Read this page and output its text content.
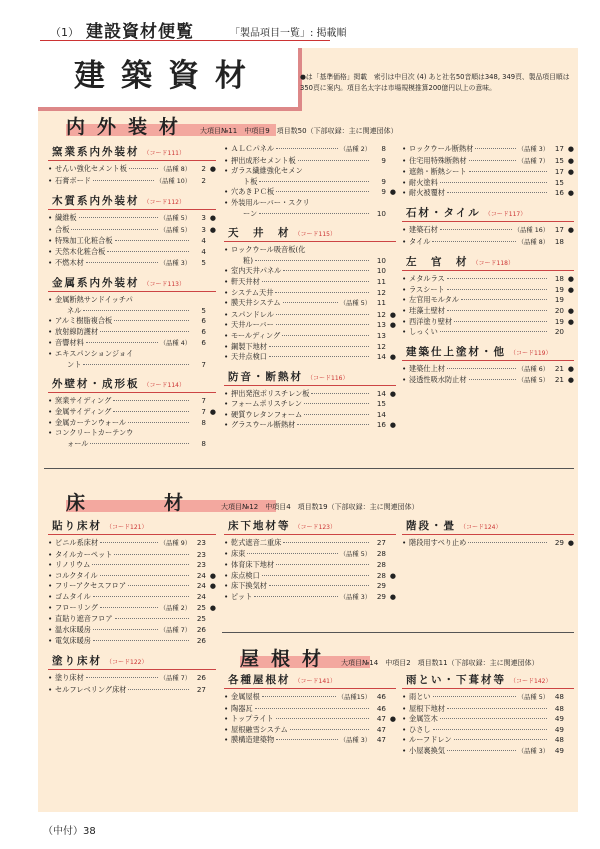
（1） 建設資材便覧	「製品項目一覧」: 掲載順
建築資材	●は「基準価格」掲載　索引は中目次 (4) あと社名50音順は348, 349頁、製品項目順は350頁に案内。項目名太字は市場規模推算200億円以上の意味。
内外装材	大項目№11　中項目9　項目数50（下部収録：主に関連団体）
床　材	大項目№12　中項目4　項目数19（下部収録：主に関連団体）
屋根材	大項目№14　中項目2　項目数11（下部収録：主に関連団体）
（中付）38
窯業系内外装材 （コード111）
• せんい強化セメント板	（品種 8）	2 ●
• 石膏ボード	（品種 10）	2
木質系内外装材 （コード112）
• 繊維板	（品種 5）	3 ●
• 合板	（品種 5）	3 ●
• 特殊加工化粧合板	4
• 天然木化粧合板	4
• 不燃木材	（品種 3）	5
金属系内外装材 （コード113）
• 金属断熱サンドイッチパ
ネル	5
• アルミ樹脂複合板	6
• 放射線防護材	6
• 音響材料	（品種 4）	6
• エキスパンションジョイ
ント	7
外壁材・成形板 （コード114）
• 窯業サイディング	7
• 金属サイディング	7 ●
• 金属カーテンウォール	8
• コンクリートカーテンウ
ォール	8
• ＡＬＣパネル	（品種 2）	8
• 押出成形セメント板	9
• ガラス繊維強化セメン
ト板	9
• 穴あきＰＣ板	9 ●
• 外装用ルーバー・スクリ
ーン	10
天　井　材 （コード115）
• ロックウール吸音板(化
粧)	10
• 室内天井パネル	10
• 軒天井材	11
• システム天井	12
• 膜天井システム	（品種 5） 11
• スパンドレル	12 ●
• 天井ルーバー	13 ●
• モールディング	13
• 鋼製下地材	12
• 天井点検口	14 ●
防音・断熱材 （コード116）
• 押出発泡ポリスチレン板	14 ●
• フォームポリスチレン	15
• 硬質ウレタンフォーム	14
• グラスウール断熱材	16 ●
• ロックウール断熱材	（品種 3） 17 ●
• 住宅用特殊断熱材	（品種 7） 15 ●
• 遮熱・断熱シート	17 ●
• 耐火塗料	15
• 耐火被覆材	16 ●
石材・タイル （コード117）
• 建築石材	（品種 16） 17 ●
• タイル	（品種 8） 18
左　官　材 （コード118）
• メタルラス	18 ●
• ラスシート	19 ●
• 左官用モルタル	19
• 珪藻土壁材	20 ●
• 西洋塗り壁材	19 ●
• しっくい	20
建築仕上塗材・他 （コード119）
• 建築仕上材	（品種 6） 21 ●
• 浸透性吸水防止材	（品種 5） 21 ●
貼り床材 （コード121）
• ビニル系床材	（品種 9） 23
• タイルカーペット	23
• リノリウム	23
• コルクタイル	24 ●
• フリーアクセスフロア	24 ●
• ゴムタイル	24
• フローリング	（品種 2） 25 ●
• 直貼り遮音フロア	25
• 温水床暖房	（品種 7） 26
• 電気床暖房	26
塗り床材 （コード122）
• 塗り床材	（品種 7） 26
• セルフレベリング床材	27
床下地材等 （コード123）
• 乾式遮音二重床	27
• 床束	（品種 5） 28
• 体育床下地材	28
• 床点検口	28 ●
• 床下換気材	29
• ピット	（品種 3） 29 ●
階段・畳 （コード124）
• 階段用すべり止め	29 ●
各種屋根材 （コード141）
• 金属屋根	（品種15） 46
• 陶器瓦	46
• トップライト	47 ●
• 屋根融雪システム	47
• 膜構造建築物	（品種 3） 47
雨とい・下葺材等 （コード142）
• 雨とい	（品種 5） 48
• 屋根下地材	48
• 金属笠木	49
• ひさし	49
• ルーフドレン	48
• 小屋裏換気	（品種 3） 49
